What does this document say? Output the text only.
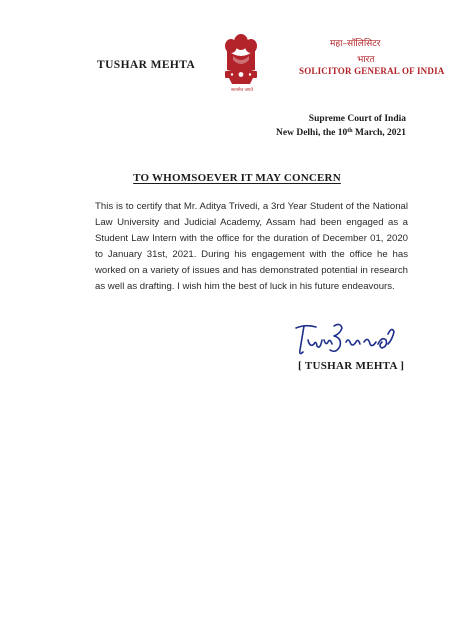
TUSHAR MEHTA
सत्यमेव जयते
महा–सॉलिसिटर
भारत
SOLICITOR GENERAL OF INDIA
Supreme Court of India
New Delhi, the 10th March, 2021
TO WHOMSOEVER IT MAY CONCERN
This is to certify that Mr. Aditya Trivedi, a 3rd Year Student of the National Law University and Judicial Academy, Assam had been engaged as a Student Law Intern with the office for the duration of December 01, 2020 to January 31st, 2021. During his engagement with the office he has worked on a variety of issues and has demonstrated potential in research as well as drafting. I wish him the best of luck in his future endeavours.
[ TUSHAR MEHTA ]
